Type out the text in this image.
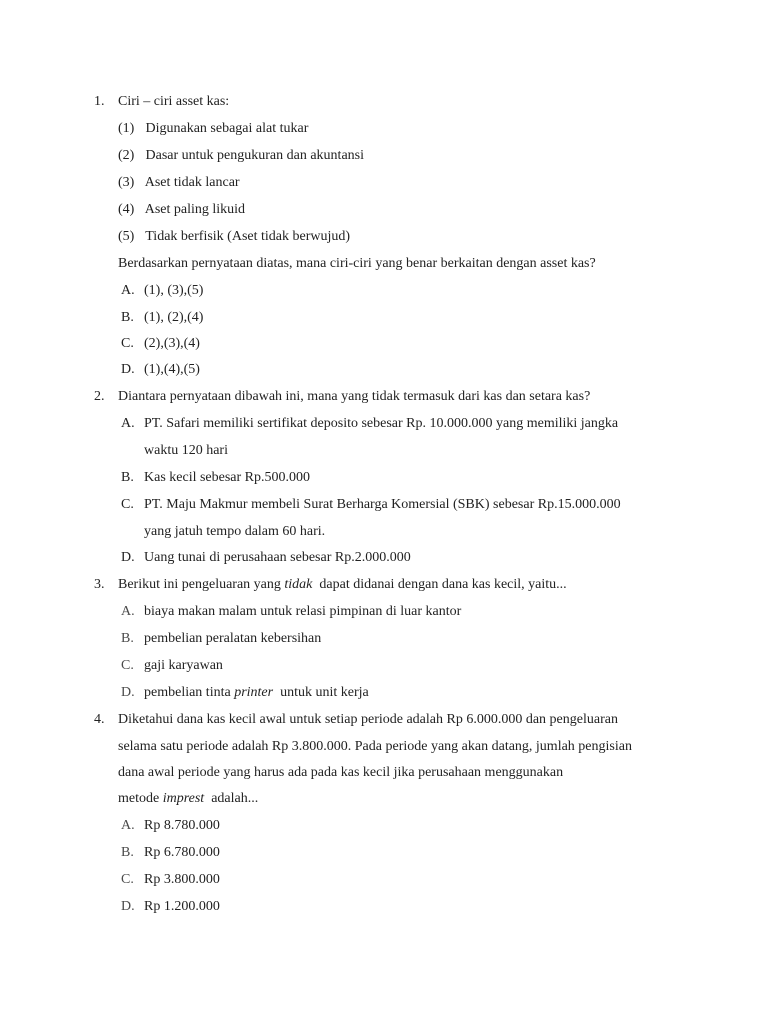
1. Ciri – ciri asset kas:
(1) Digunakan sebagai alat tukar
(2) Dasar untuk pengukuran dan akuntansi
(3) Aset tidak lancar
(4) Aset paling likuid
(5) Tidak berfisik (Aset tidak berwujud)
Berdasarkan pernyataan diatas, mana ciri-ciri yang benar berkaitan dengan asset kas?
A. (1), (3),(5)
B. (1), (2),(4)
C. (2),(3),(4)
D. (1),(4),(5)
2. Diantara pernyataan dibawah ini, mana yang tidak termasuk dari kas dan setara kas?
A. PT. Safari memiliki sertifikat deposito sebesar Rp. 10.000.000 yang memiliki jangka
waktu 120 hari
B. Kas kecil sebesar Rp.500.000
C. PT. Maju Makmur membeli Surat Berharga Komersial (SBK) sebesar Rp.15.000.000
yang jatuh tempo dalam 60 hari.
D. Uang tunai di perusahaan sebesar Rp.2.000.000
3. Berikut ini pengeluaran yang tidak  dapat didanai dengan dana kas kecil, yaitu...
A. biaya makan malam untuk relasi pimpinan di luar kantor
B. pembelian peralatan kebersihan
C. gaji karyawan
D. pembelian tinta printer  untuk unit kerja
4. Diketahui dana kas kecil awal untuk setiap periode adalah Rp 6.000.000 dan pengeluaran
selama satu periode adalah Rp 3.800.000. Pada periode yang akan datang, jumlah pengisian
dana awal periode yang harus ada pada kas kecil jika perusahaan menggunakan
metode imprest  adalah...
A. Rp 8.780.000
B. Rp 6.780.000
C. Rp 3.800.000
D. Rp 1.200.000
